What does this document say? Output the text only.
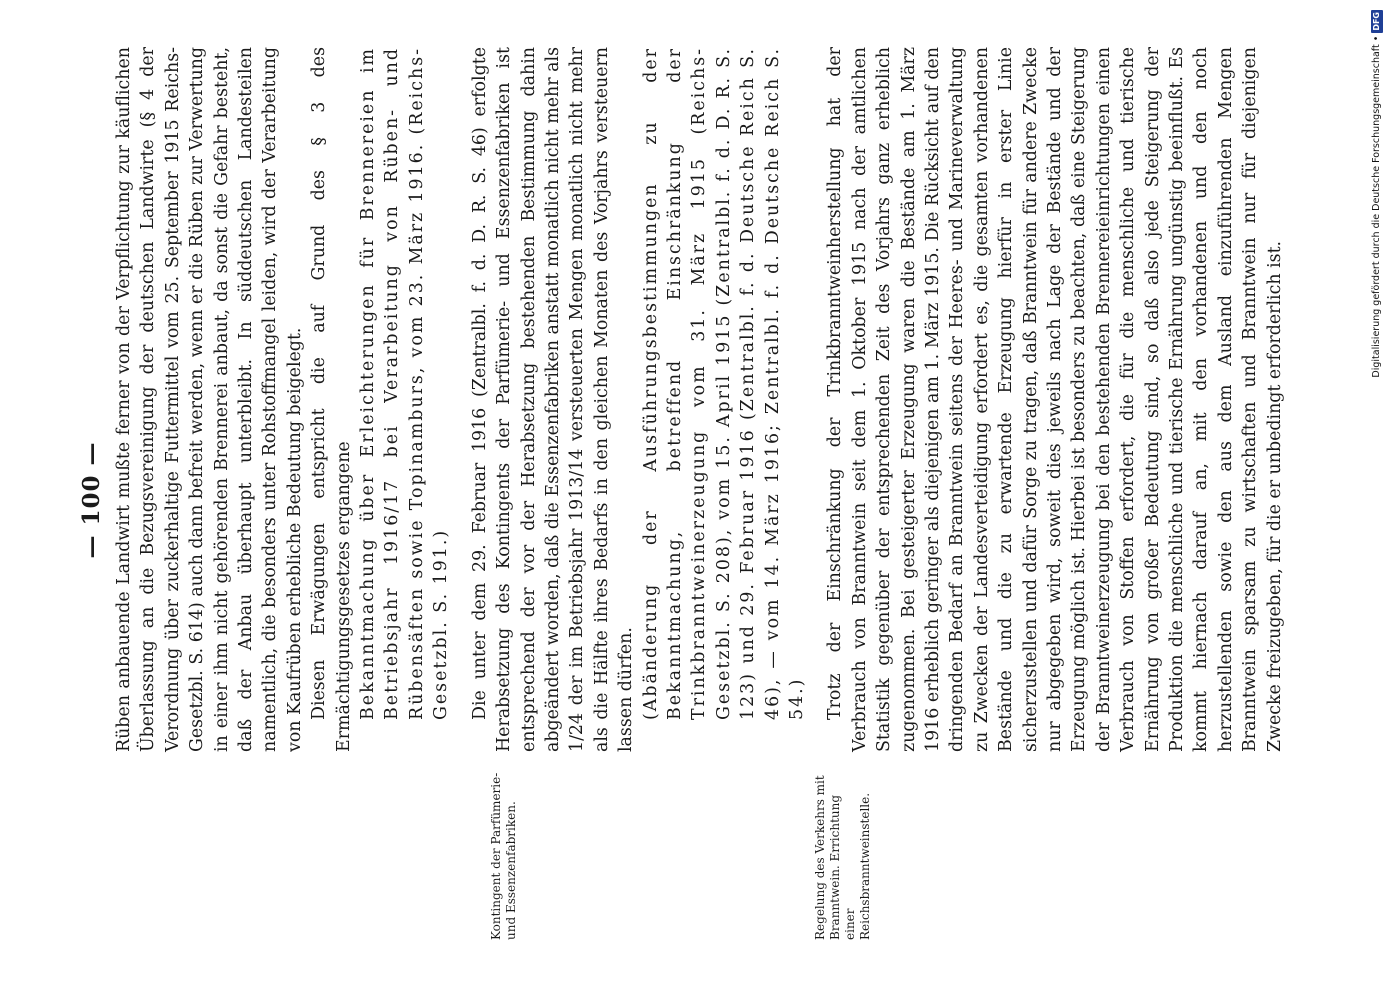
— 100 —
Kontingent der Parfümerie- und Essenzenfabriken.	Regelung des Verkehrs mit Branntwein. Errichtung einer Reichsbranntweinstelle.

Rüben anbauende Landwirt mußte ferner von der Verpflichtung zur käuflichen Überlassung an die Bezugsvereinigung der deutschen Landwirte (§ 4 der Verordnung über zuckerhaltige Futtermittel vom 25. September 1915 Reichs-Gesetzbl. S. 614) auch dann befreit werden, wenn er die Rüben zur Verwertung in einer ihm nicht gehörenden Brennerei anbaut, da sonst die Gefahr besteht, daß der Anbau überhaupt unterbleibt. In süddeutschen Landesteilen namentlich, die besonders unter Rohstoffmangel leiden, wird der Verarbeitung von Kaufrüben erhebliche Bedeutung beigelegt. Diesen Erwägungen entspricht die auf Grund des § 3 des Ermächtigungsgesetzes ergangene Bekanntmachung über Erleichterungen für Brennereien im Betriebsjahr 1916/17 bei Verarbeitung von Rüben- und Rübensäften sowie Topinamburs, vom 23. März 1916. (Reichs-Gesetzbl. S. 191.) Die unter dem 29. Februar 1916 (Zentralbl. f. d. D. R. S. 46) erfolgte Herabsetzung des Kontingents der Parfümerie- und Essenzenfabriken ist entsprechend der vor der Herabsetzung bestehenden Bestimmung dahin abgeändert worden, daß die Essenzenfabriken anstatt monatlich nicht mehr als 1/24 der im Betriebsjahr 1913/14 versteuerten Mengen monatlich nicht mehr als die Hälfte ihres Bedarfs in den gleichen Monaten des Vorjahrs versteuern lassen dürfen. (Abänderung der Ausführungsbestimmungen zu der Bekanntmachung, betreffend Einschränkung der Trinkbranntweinerzeugung vom 31. März 1915 (Reichs-Gesetzbl. S. 208), vom 15. April 1915 (Zentralbl. f. d. D. R. S. 123) und 29. Februar 1916 (Zentralbl. f. d. Deutsche Reich S. 46), — vom 14. März 1916; Zentralbl. f. d. Deutsche Reich S. 54.) Trotz der Einschränkung der Trinkbranntweinherstellung hat der Verbrauch von Branntwein seit dem 1. Oktober 1915 nach der amtlichen Statistik gegenüber der entsprechenden Zeit des Vorjahrs ganz erheblich zugenommen. Bei gesteigerter Erzeugung waren die Bestände am 1. März 1916 erheblich geringer als diejenigen am 1. März 1915. Die Rücksicht auf den dringenden Bedarf an Branntwein seitens der Heeres- und Marineverwaltung zu Zwecken der Landesverteidigung erfordert es, die gesamten vorhandenen Bestände und die zu erwartende Erzeugung hierfür in erster Linie sicherzustellen und dafür Sorge zu tragen, daß Branntwein für andere Zwecke nur abgegeben wird, soweit dies jeweils nach Lage der Bestände und der Erzeugung möglich ist. Hierbei ist besonders zu beachten, daß eine Steigerung der Branntweinerzeugung bei den bestehenden Brennereieinrichtungen einen Verbrauch von Stoffen erfordert, die für die menschliche und tierische Ernährung von großer Bedeutung sind, so daß also jede Steigerung der Produktion die menschliche und tierische Ernährung ungünstig beeinflußt. Es kommt hiernach darauf an, mit den vorhandenen und den noch herzustellenden sowie den aus dem Ausland einzuführenden Mengen Branntwein sparsam zu wirtschaften und Branntwein nur für diejenigen Zwecke freizugeben, für die er unbedingt erforderlich ist.

Digitalisierung gefördert durch die Deutsche Forschungsgemeinschaft •DFG
